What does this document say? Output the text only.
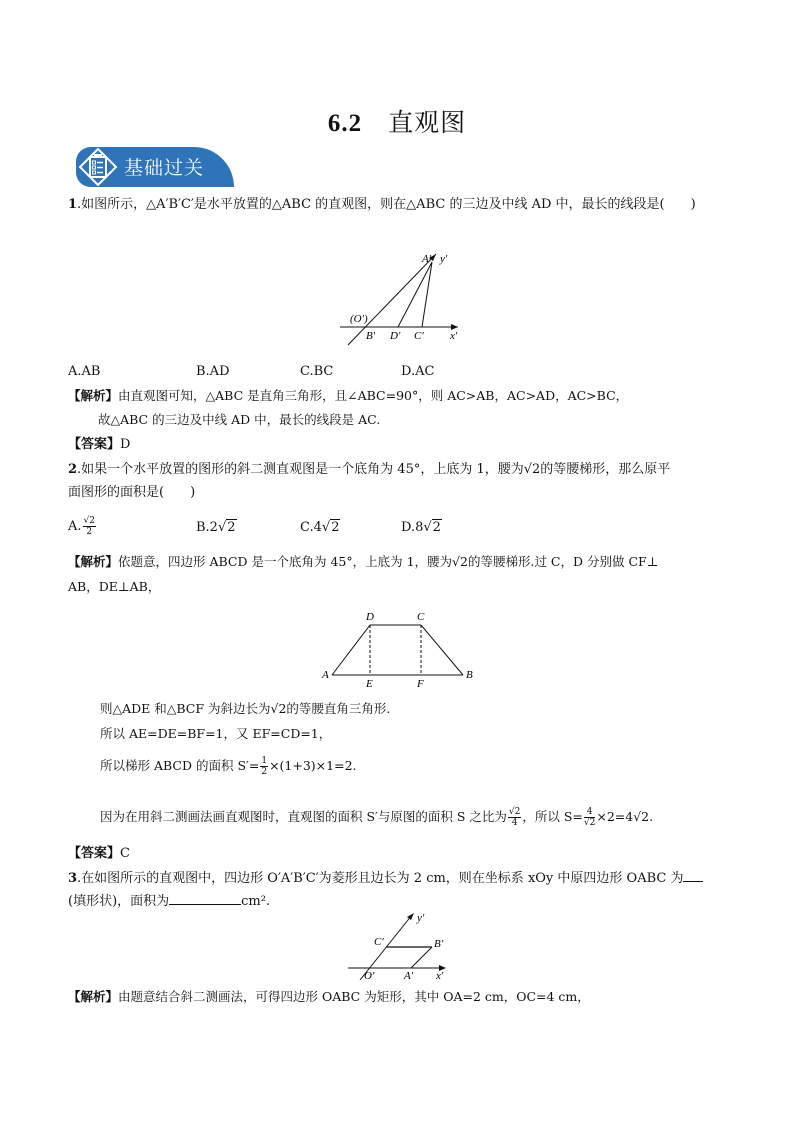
6.2 直观图
基础过关
1.如图所示，△A′B′C′是水平放置的△ABC 的直观图，则在△ABC 的三边及中线 AD 中，最长的线段是(　　)
A′ y′
(O′)
B′ D′ C′ x′
A.AB	B.AD	C.BC	D.AC
【解析】由直观图可知，△ABC 是直角三角形，且∠ABC=90°，则 AC>AB，AC>AD，AC>BC，
故△ABC 的三边及中线 AD 中，最长的线段是 AC.
【答案】D
2.如果一个水平放置的图形的斜二测直观图是一个底角为 45°，上底为 1，腰为√2的等腰梯形，那么原平
面图形的面积是(　　)
A. $\frac{√2}{2}$	B.2√2	C.4√2	D.8√2
【解析】依题意，四边形 ABCD 是一个底角为 45°，上底为 1，腰为√2的等腰梯形.过 C，D 分别做 CF⊥
AB，DE⊥AB，
D	C
A
E	F
B
则△ADE 和△BCF 为斜边长为√2的等腰直角三角形.
所以 AE=DE=BF=1，又 EF=CD=1，
所以梯形 ABCD 的面积 $S'= \frac{1}{2} \times(1+3)\times 1=2$.
因为在用斜二测画法画直观图时，直观图的面积 S′与原图的面积 S 之比为 $\frac{√2}{4}$ ，所以 $S= \frac{4}{√2} \times 2=4√2$.
【答案】C
3.在如图所示的直观图中，四边形 O′A′B′C′为菱形且边长为 2 cm，则在坐标系 xOy 中原四边形 OABC 为
(填形状)，面积为	cm².
y′
C′	B′
O′	A′ x′
【解析】由题意结合斜二测画法，可得四边形 OABC 为矩形，其中 OA=2 cm，OC=4 cm，
